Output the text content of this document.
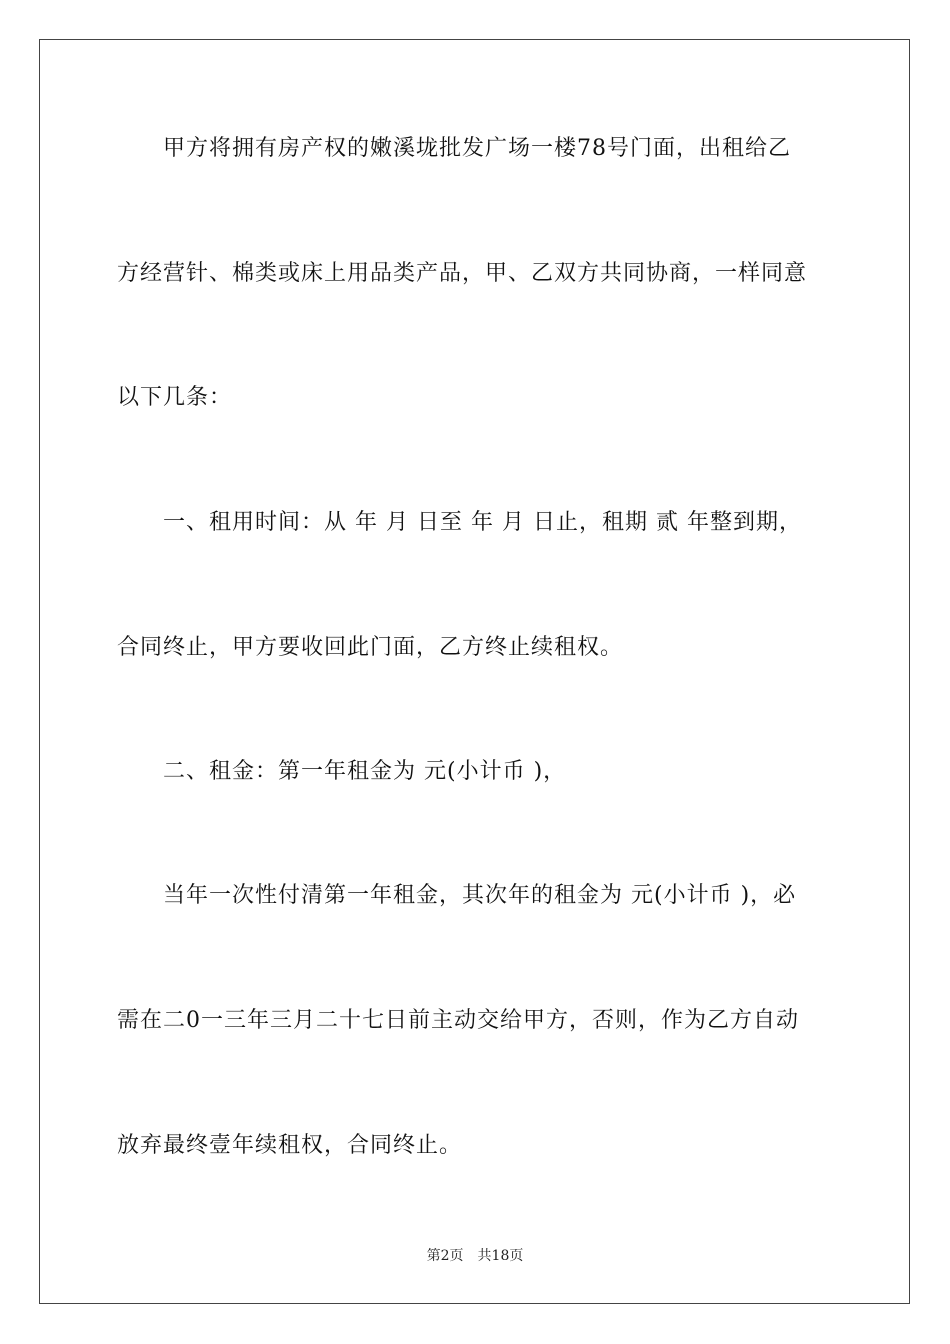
甲方将拥有房产权的嫩溪垅批发广场一楼78号门面，出租给乙
方经营针、棉类或床上用品类产品，甲、乙双方共同协商，一样同意
以下几条：
一、租用时间：从 年 月 日至 年 月 日止，租期 贰 年整到期，
合同终止，甲方要收回此门面，乙方终止续租权。
二、租金：第一年租金为 元(小计币 )，
当年一次性付清第一年租金，其次年的租金为 元(小计币 )，必
需在二0一三年三月二十七日前主动交给甲方，否则，作为乙方自动
放弃最终壹年续租权，合同终止。
第2页 共18页
